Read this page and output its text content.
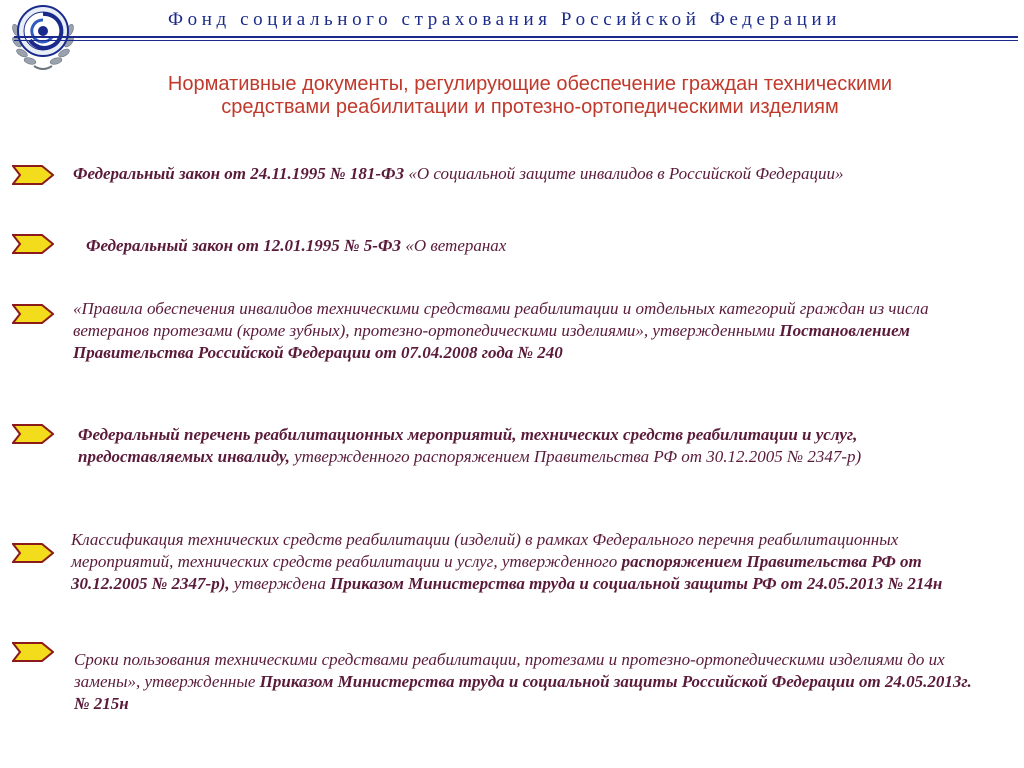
Фонд социального страхования Российской Федерации
Нормативные документы, регулирующие обеспечение граждан техническими
средствами реабилитации и протезно-ортопедическими изделиям
Федеральный закон от 24.11.1995 № 181-ФЗ «О социальной защите инвалидов в Российской Федерации»
Федеральный закон от 12.01.1995 № 5-ФЗ «О ветеранах
«Правила обеспечения инвалидов техническими средствами реабилитации и отдельных категорий граждан из числа ветеранов протезами (кроме зубных), протезно-ортопедическими изделиями», утвержденными Постановлением Правительства Российской Федерации от 07.04.2008 года № 240
Федеральный перечень реабилитационных мероприятий, технических средств реабилитации и услуг, предоставляемых инвалиду, утвержденного распоряжением Правительства РФ от 30.12.2005 № 2347-р)
Классификация технических средств реабилитации (изделий) в рамках Федерального перечня реабилитационных мероприятий, технических средств реабилитации и услуг, утвержденного распоряжением Правительства РФ от 30.12.2005 № 2347-р), утверждена Приказом Министерства труда и социальной защиты РФ от 24.05.2013 № 214н
Сроки пользования техническими средствами реабилитации, протезами и протезно-ортопедическими изделиями до их замены», утвержденные Приказом Министерства труда и социальной защиты Российской Федерации от 24.05.2013г. № 215н
